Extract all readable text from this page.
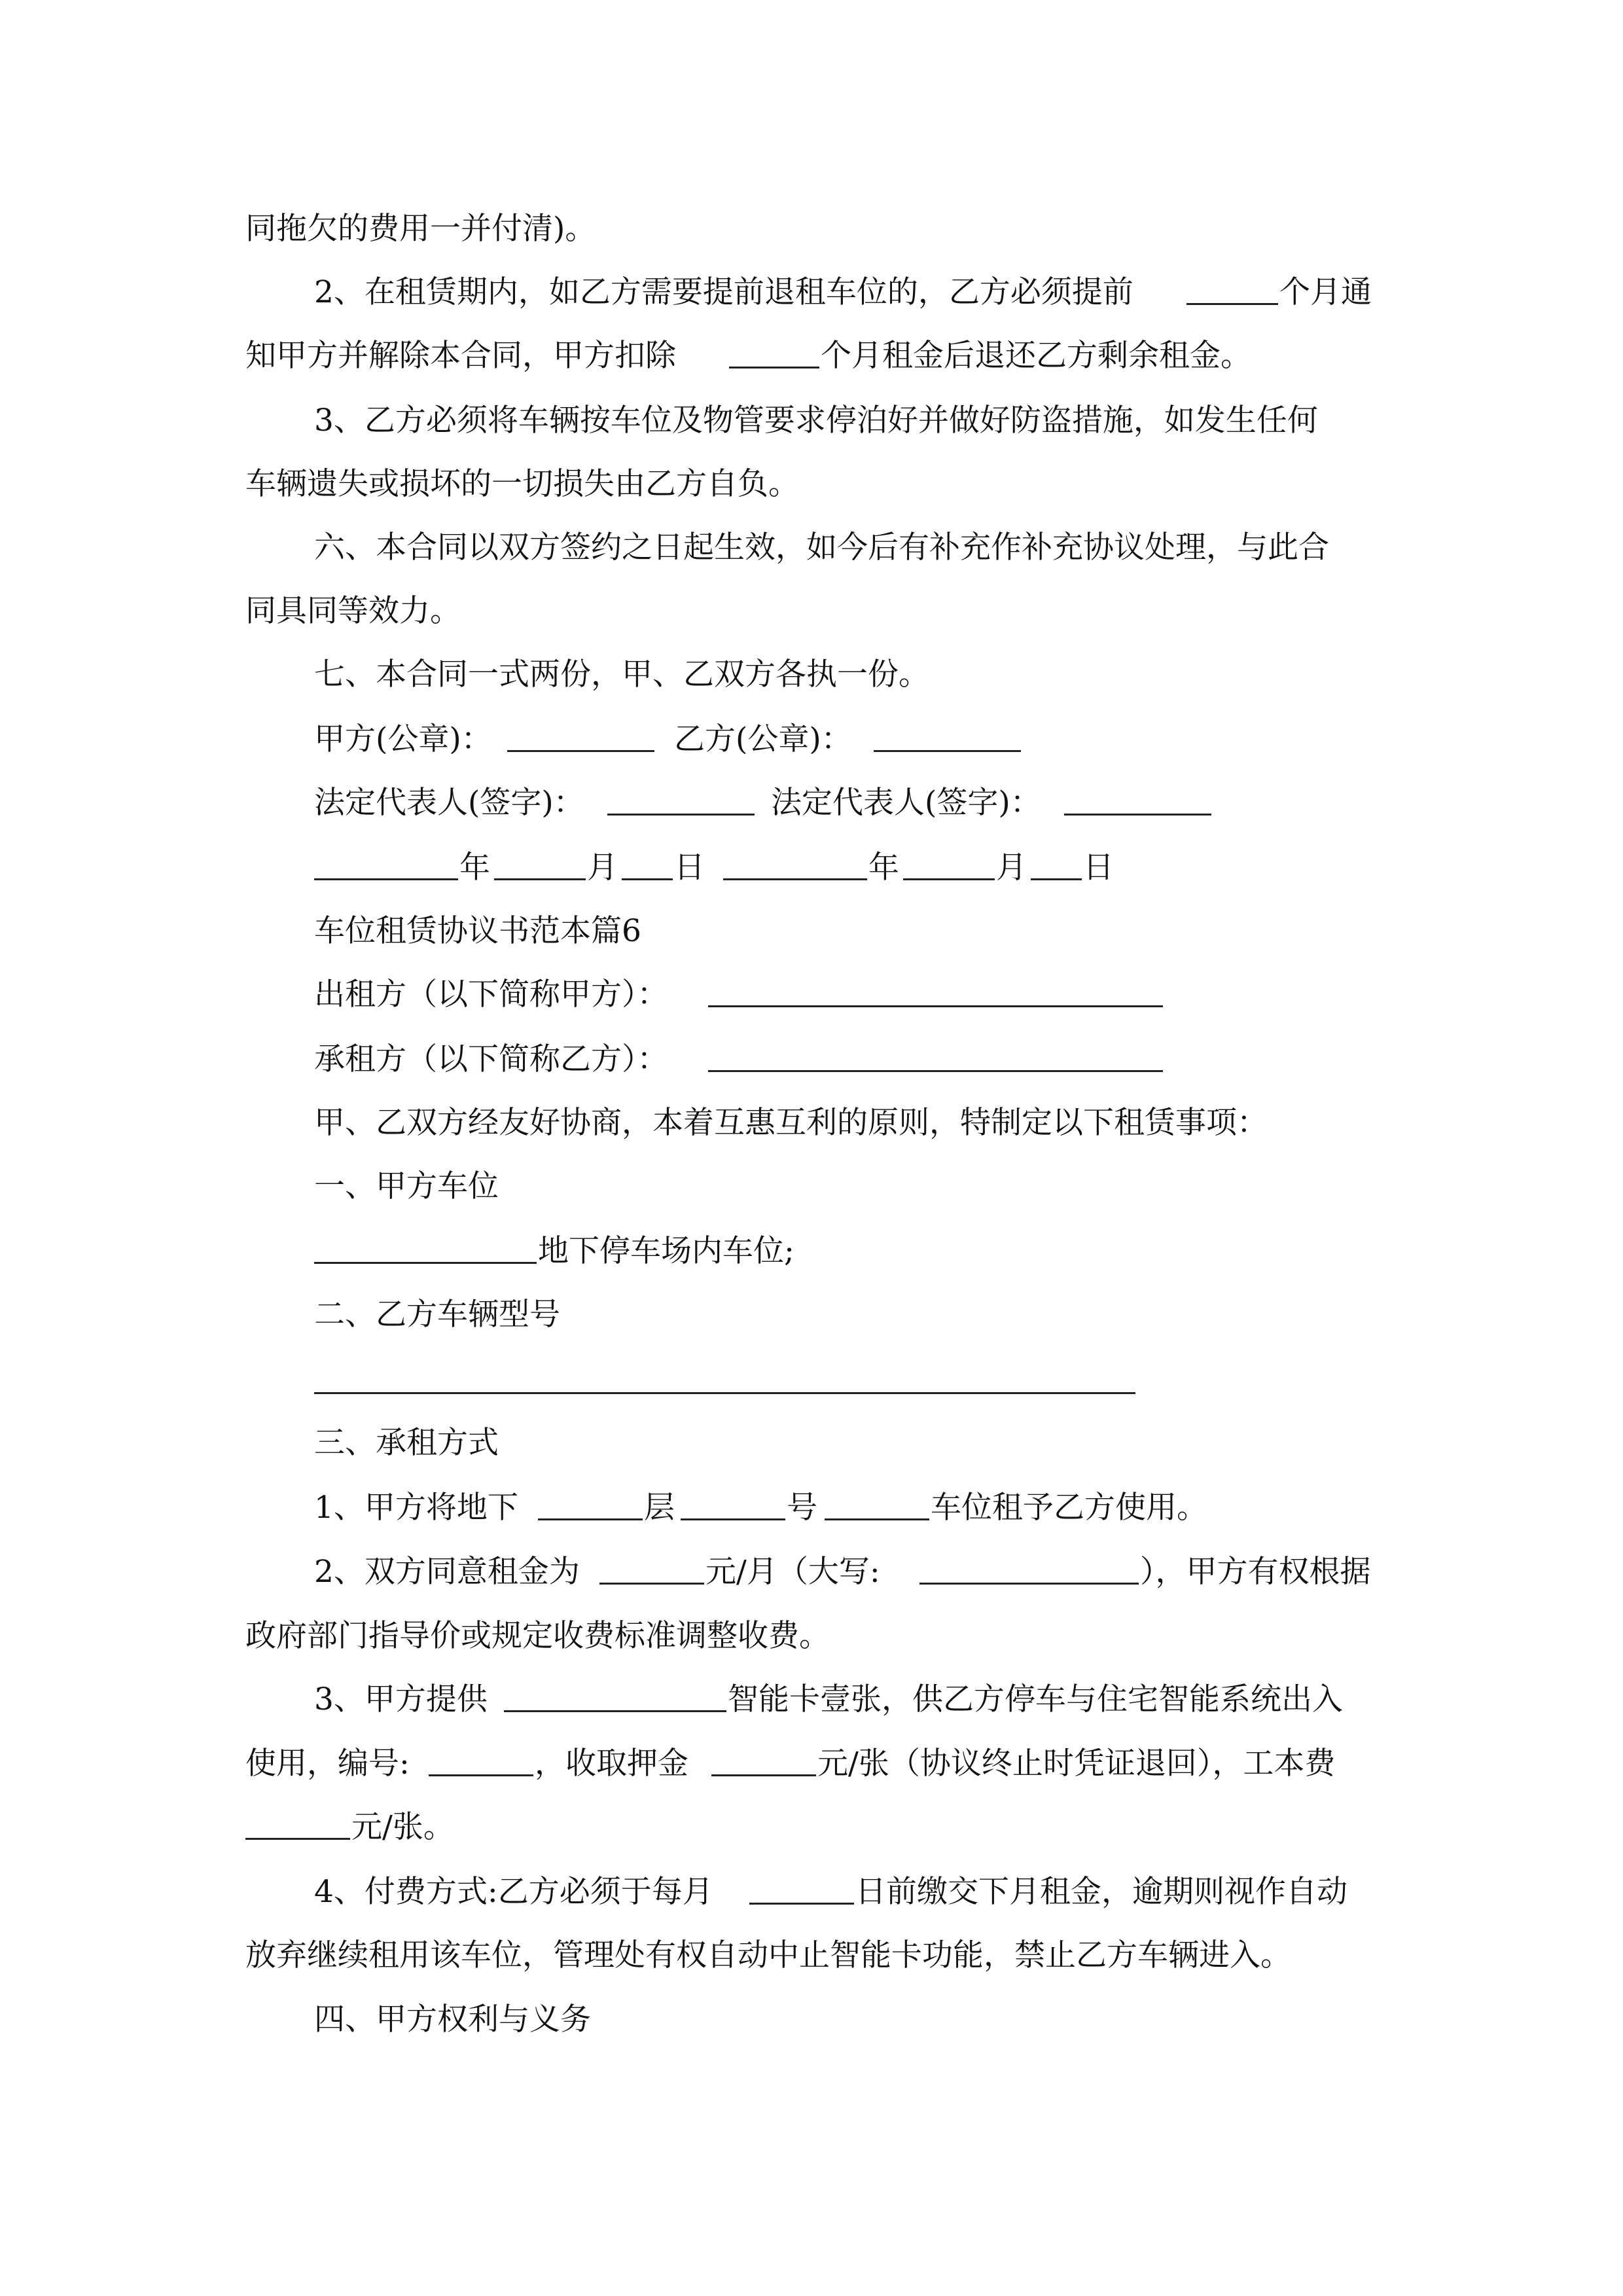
同拖欠的费用一并付清)。
2、在租赁期内，如乙方需要提前退租车位的，乙方必须提前	个月通
知甲方并解除本合同，甲方扣除	个月租金后退还乙方剩余租金。
3、乙方必须将车辆按车位及物管要求停泊好并做好防盗措施，如发生任何
车辆遗失或损坏的一切损失由乙方自负。
六、本合同以双方签约之日起生效，如今后有补充作补充协议处理，与此合
同具同等效力。
七、本合同一式两份，甲、乙双方各执一份。
甲方(公章)：	乙方(公章)：
法定代表人(签字)：	法定代表人(签字)：
年	月 日	年	月 日
车位租赁协议书范本篇6
出租方（以下简称甲方）：
承租方（以下简称乙方）：
甲、乙双方经友好协商，本着互惠互利的原则，特制定以下租赁事项：
一、甲方车位
地下停车场内车位;
二、乙方车辆型号
三、承租方式
1、甲方将地下	层	号	车位租予乙方使用。
2、双方同意租金为	元/月（大写:	），甲方有权根据
政府部门指导价或规定收费标准调整收费。
3、甲方提供	智能卡壹张，供乙方停车与住宅智能系统出入
使用，编号:	，收取押金	元/张（协议终止时凭证退回），工本费
元/张。
4、付费方式:乙方必须于每月	日前缴交下月租金，逾期则视作自动
放弃继续租用该车位，管理处有权自动中止智能卡功能，禁止乙方车辆进入。
四、甲方权利与义务
